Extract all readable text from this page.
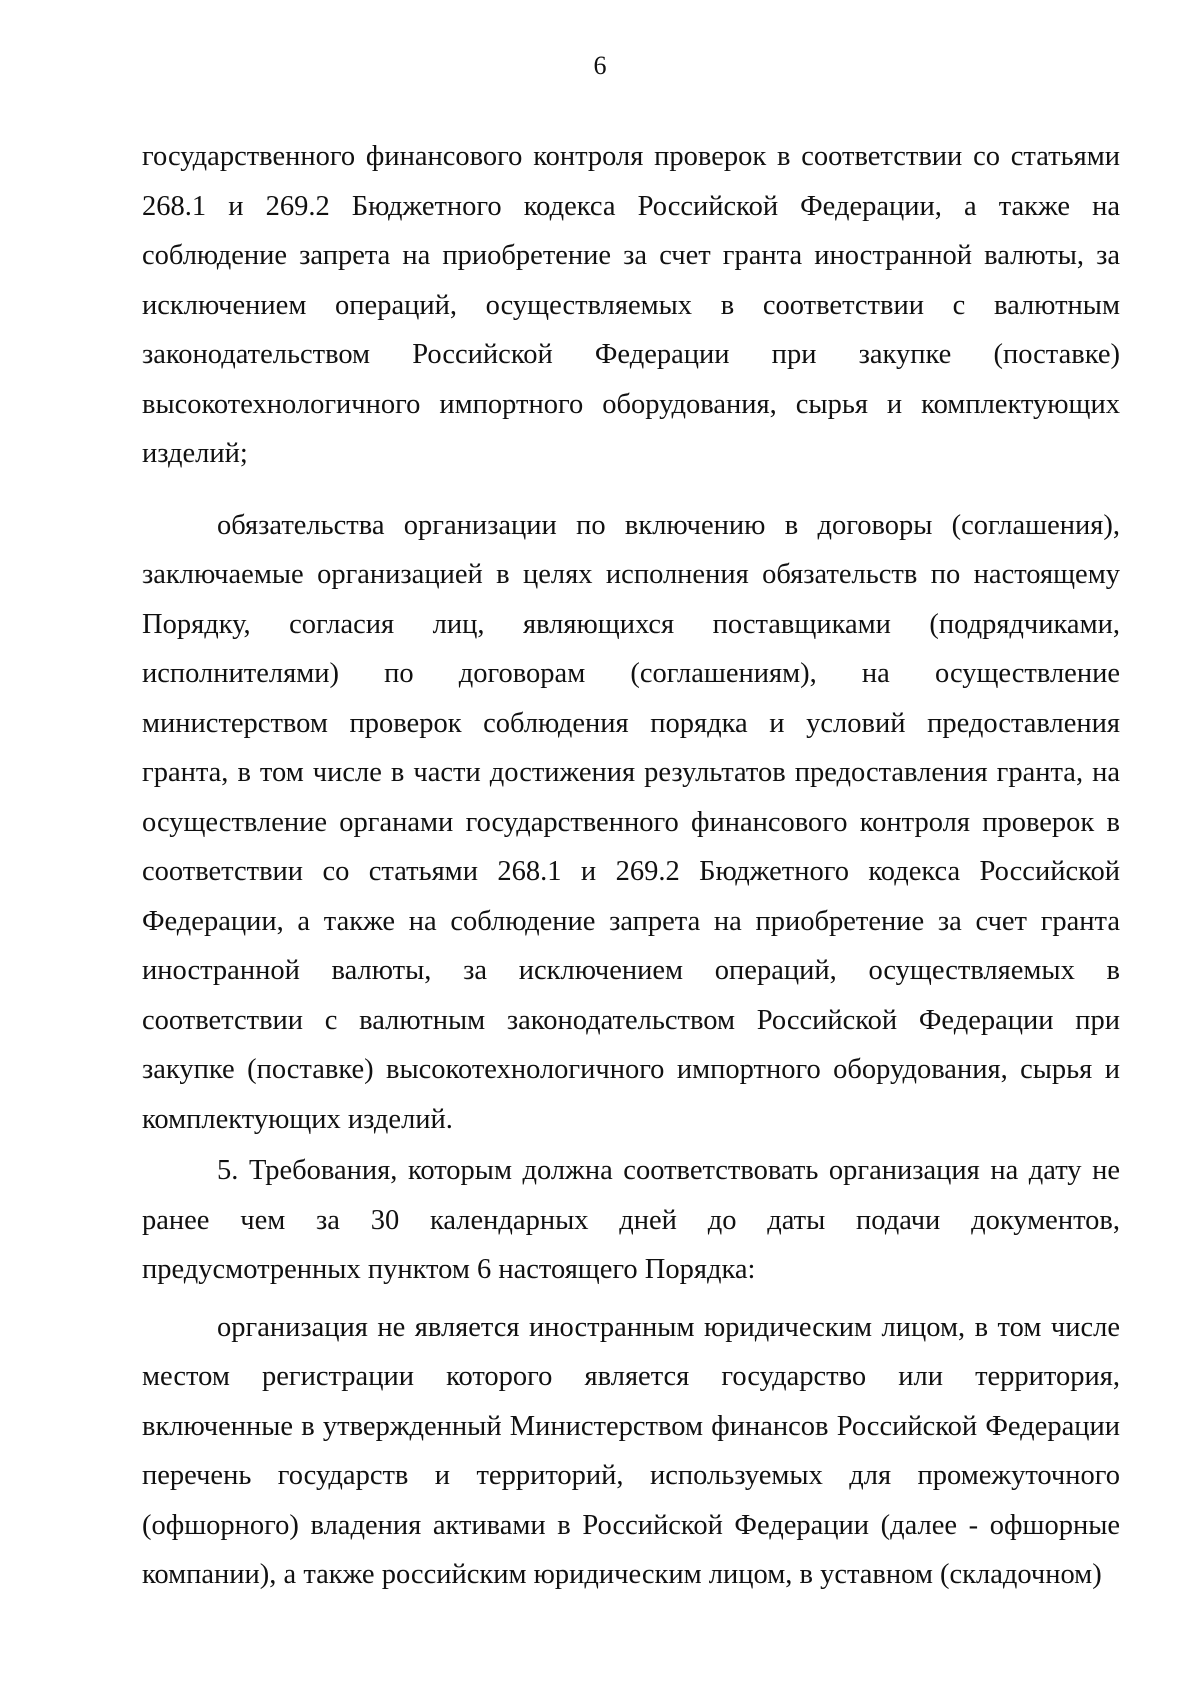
6

государственного финансового контроля проверок в соответствии со статьями 268.1 и 269.2 Бюджетного кодекса Российской Федерации, а также на соблюдение запрета на приобретение за счет гранта иностранной валюты, за исключением операций, осуществляемых в соответствии с валютным законодательством Российской Федерации при закупке (поставке) высокотехнологичного импортного оборудования, сырья и комплектующих изделий;

обязательства организации по включению в договоры (соглашения), заключаемые организацией в целях исполнения обязательств по настоящему Порядку, согласия лиц, являющихся поставщиками (подрядчиками, исполнителями) по договорам (соглашениям), на осуществление министерством проверок соблюдения порядка и условий предоставления гранта, в том числе в части достижения результатов предоставления гранта, на осуществление органами государственного финансового контроля проверок в соответствии со статьями 268.1 и 269.2 Бюджетного кодекса Российской Федерации, а также на соблюдение запрета на приобретение за счет гранта иностранной валюты, за исключением операций, осуществляемых в соответствии с валютным законодательством Российской Федерации при закупке (поставке) высокотехнологичного импортного оборудования, сырья и комплектующих изделий.

5. Требования, которым должна соответствовать организация на дату не ранее чем за 30 календарных дней до даты подачи документов, предусмотренных пунктом 6 настоящего Порядка:

организация не является иностранным юридическим лицом, в том числе местом регистрации которого является государство или территория, включенные в утвержденный Министерством финансов Российской Федерации перечень государств и территорий, используемых для промежуточного (офшорного) владения активами в Российской Федерации (далее - офшорные компании), а также российским юридическим лицом, в уставном (складочном)
